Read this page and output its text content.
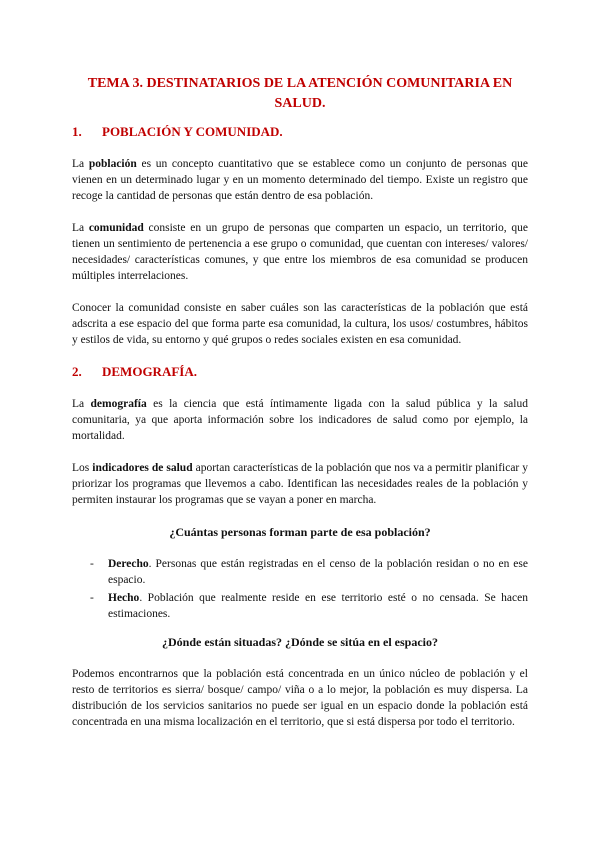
TEMA 3. DESTINATARIOS DE LA ATENCIÓN COMUNITARIA EN SALUD.
1. POBLACIÓN Y COMUNIDAD.

La población es un concepto cuantitativo que se establece como un conjunto de personas que vienen en un determinado lugar y en un momento determinado del tiempo. Existe un registro que recoge la cantidad de personas que están dentro de esa población.

La comunidad consiste en un grupo de personas que comparten un espacio, un territorio, que tienen un sentimiento de pertenencia a ese grupo o comunidad, que cuentan con intereses/ valores/ necesidades/ características comunes, y que entre los miembros de esa comunidad se producen múltiples interrelaciones.

Conocer la comunidad consiste en saber cuáles son las características de la población que está adscrita a ese espacio del que forma parte esa comunidad, la cultura, los usos/ costumbres, hábitos y estilos de vida, su entorno y qué grupos o redes sociales existen en esa comunidad.

2. DEMOGRAFÍA.

La demografía es la ciencia que está íntimamente ligada con la salud pública y la salud comunitaria, ya que aporta información sobre los indicadores de salud como por ejemplo, la mortalidad.

Los indicadores de salud aportan características de la población que nos va a permitir planificar y priorizar los programas que llevemos a cabo. Identifican las necesidades reales de la población y permiten instaurar los programas que se vayan a poner en marcha.

¿Cuántas personas forman parte de esa población?

- Derecho. Personas que están registradas en el censo de la población residan o no en ese espacio.
- Hecho. Población que realmente reside en ese territorio esté o no censada. Se hacen estimaciones.

¿Dónde están situadas? ¿Dónde se sitúa en el espacio?

Podemos encontrarnos que la población está concentrada en un único núcleo de población y el resto de territorios es sierra/ bosque/ campo/ viña o a lo mejor, la población es muy dispersa. La distribución de los servicios sanitarios no puede ser igual en un espacio donde la población está concentrada en una misma localización en el territorio, que si está dispersa por todo el territorio.
